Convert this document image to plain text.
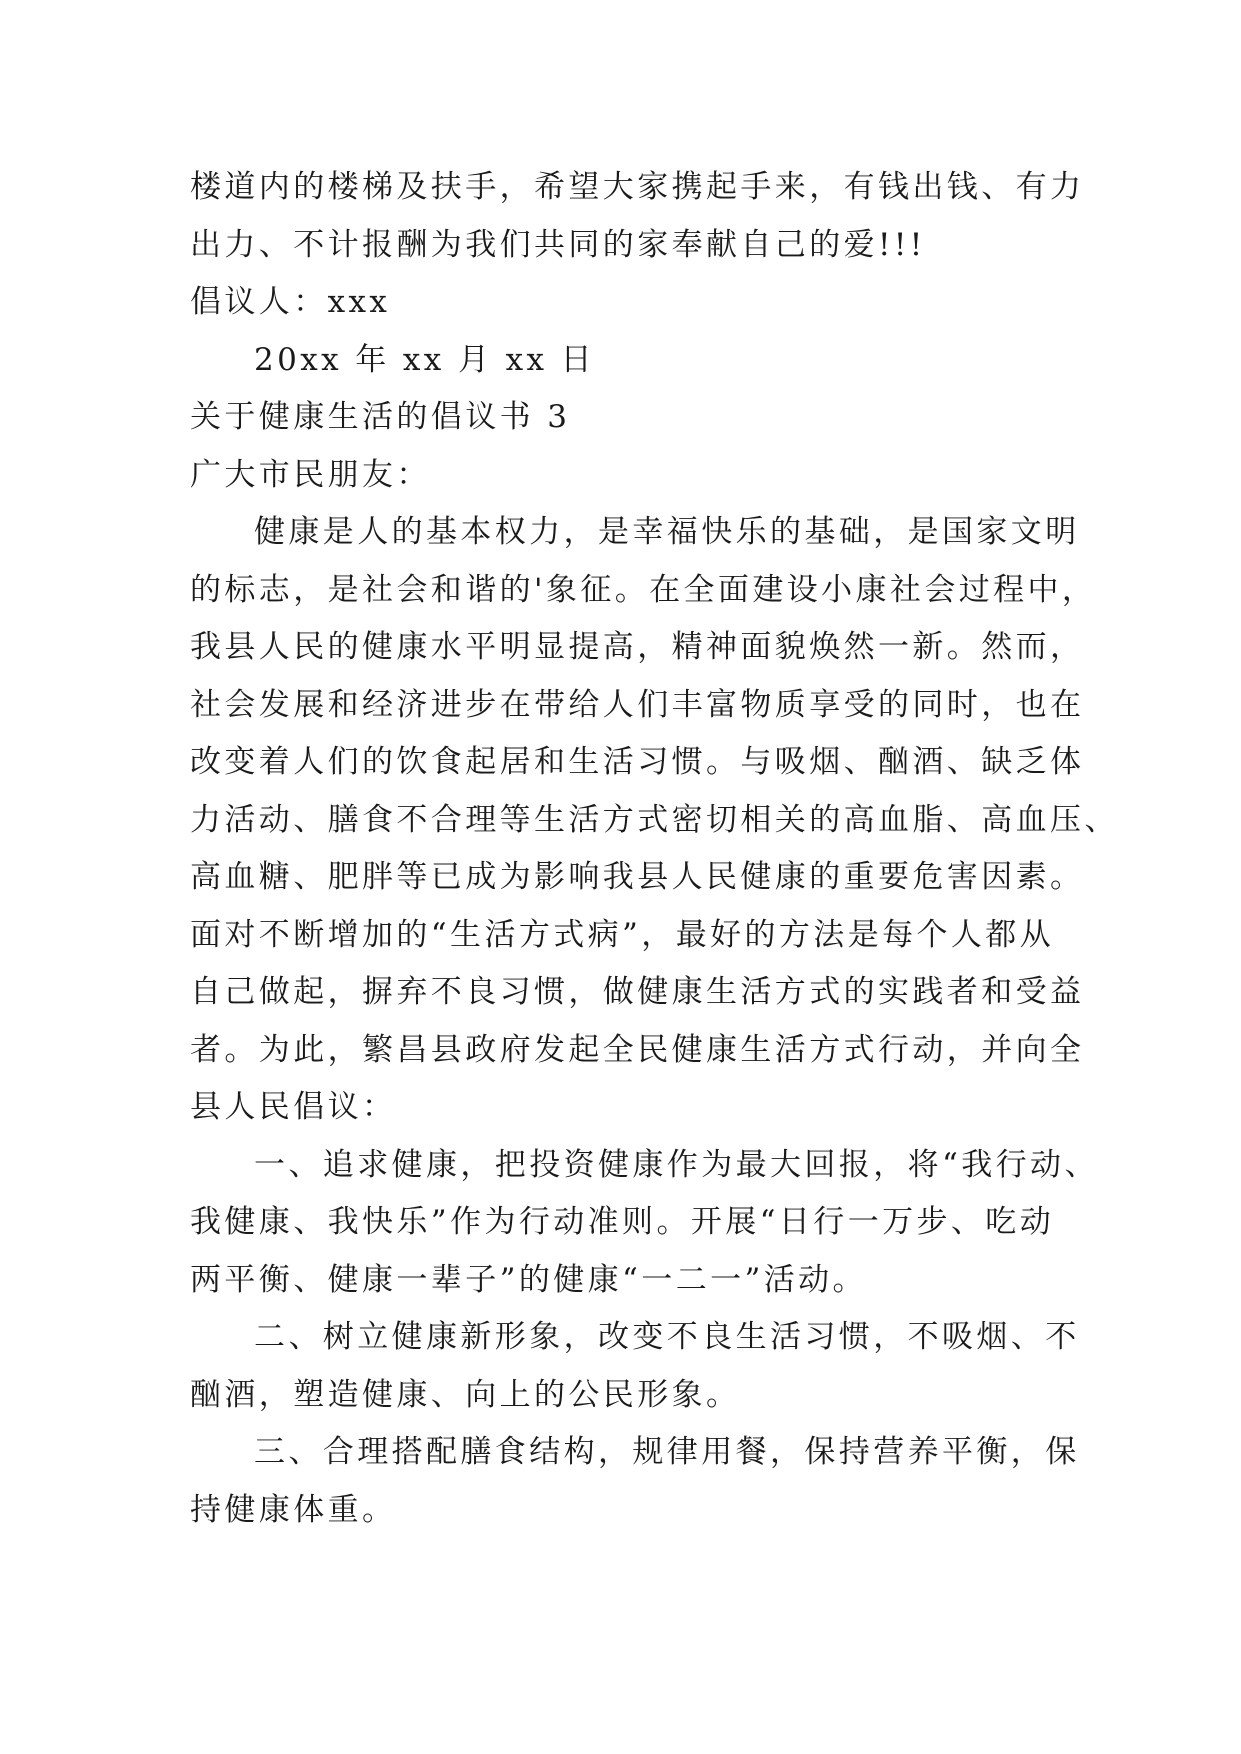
楼道内的楼梯及扶手，希望大家携起手来，有钱出钱、有力
出力、不计报酬为我们共同的家奉献自己的爱!!!
倡议人：xxx
20xx 年 xx 月 xx 日
关于健康生活的倡议书 3
广大市民朋友：
健康是人的基本权力，是幸福快乐的基础，是国家文明
的标志，是社会和谐的'象征。在全面建设小康社会过程中，
我县人民的健康水平明显提高，精神面貌焕然一新。然而，
社会发展和经济进步在带给人们丰富物质享受的同时，也在
改变着人们的饮食起居和生活习惯。与吸烟、酗酒、缺乏体
力活动、膳食不合理等生活方式密切相关的高血脂、高血压、
高血糖、肥胖等已成为影响我县人民健康的重要危害因素。
面对不断增加的“生活方式病”，最好的方法是每个人都从
自己做起，摒弃不良习惯，做健康生活方式的实践者和受益
者。为此，繁昌县政府发起全民健康生活方式行动，并向全
县人民倡议：
一、追求健康，把投资健康作为最大回报，将“我行动、
我健康、我快乐”作为行动准则。开展“日行一万步、吃动
两平衡、健康一辈子”的健康“一二一”活动。
二、树立健康新形象，改变不良生活习惯，不吸烟、不
酗酒，塑造健康、向上的公民形象。
三、合理搭配膳食结构，规律用餐，保持营养平衡，保
持健康体重。
